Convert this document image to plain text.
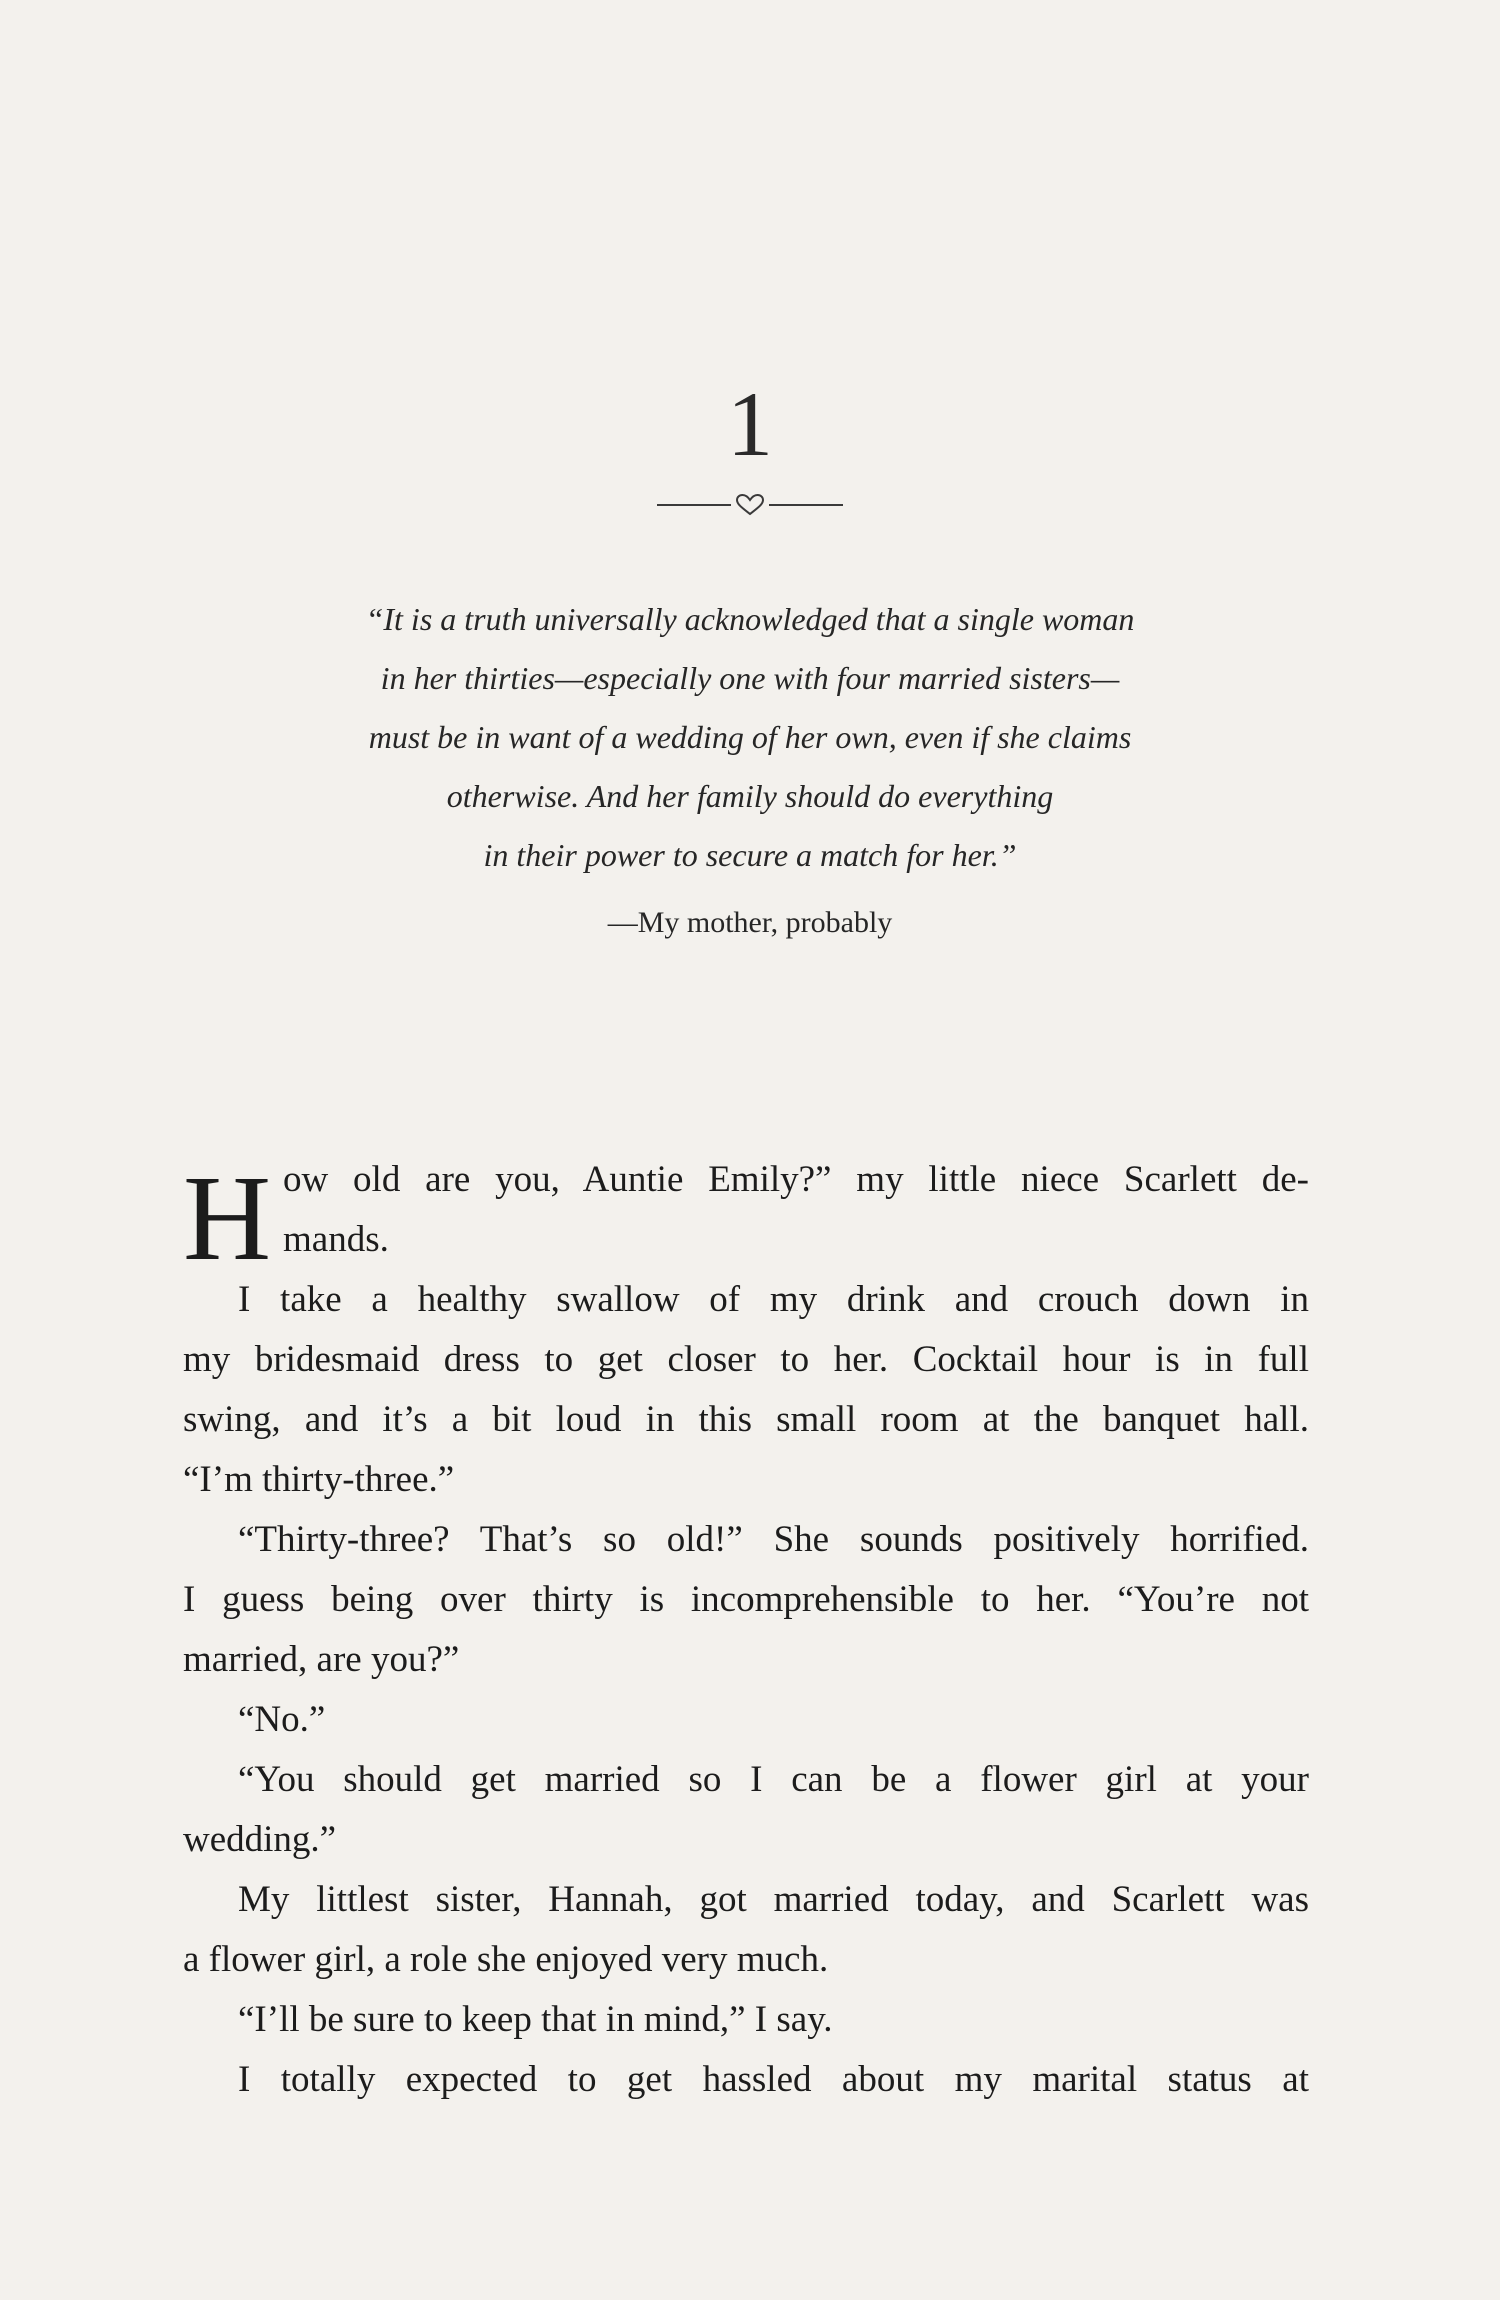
1
“It is a truth universally acknowledged that a single woman
in her thirties—especially one with four married sisters—
must be in want of a wedding of her own, even if she claims
otherwise. And her family should do everything
in their power to secure a match for her.”
—My mother, probably
H ow old are you, Auntie Emily?” my little niece Scarlett de-
mands.
I take a healthy swallow of my drink and crouch down in
my bridesmaid dress to get closer to her. Cocktail hour is in full
swing, and it’s a bit loud in this small room at the banquet hall.
“I’m thirty-three.”
“Thirty-three? That’s so old!” She sounds positively horrified.
I guess being over thirty is incomprehensible to her. “You’re not
married, are you?”
“No.”
“You should get married so I can be a flower girl at your
wedding.”
My littlest sister, Hannah, got married today, and Scarlett was
a flower girl, a role she enjoyed very much.
“I’ll be sure to keep that in mind,” I say.
I totally expected to get hassled about my marital status at
